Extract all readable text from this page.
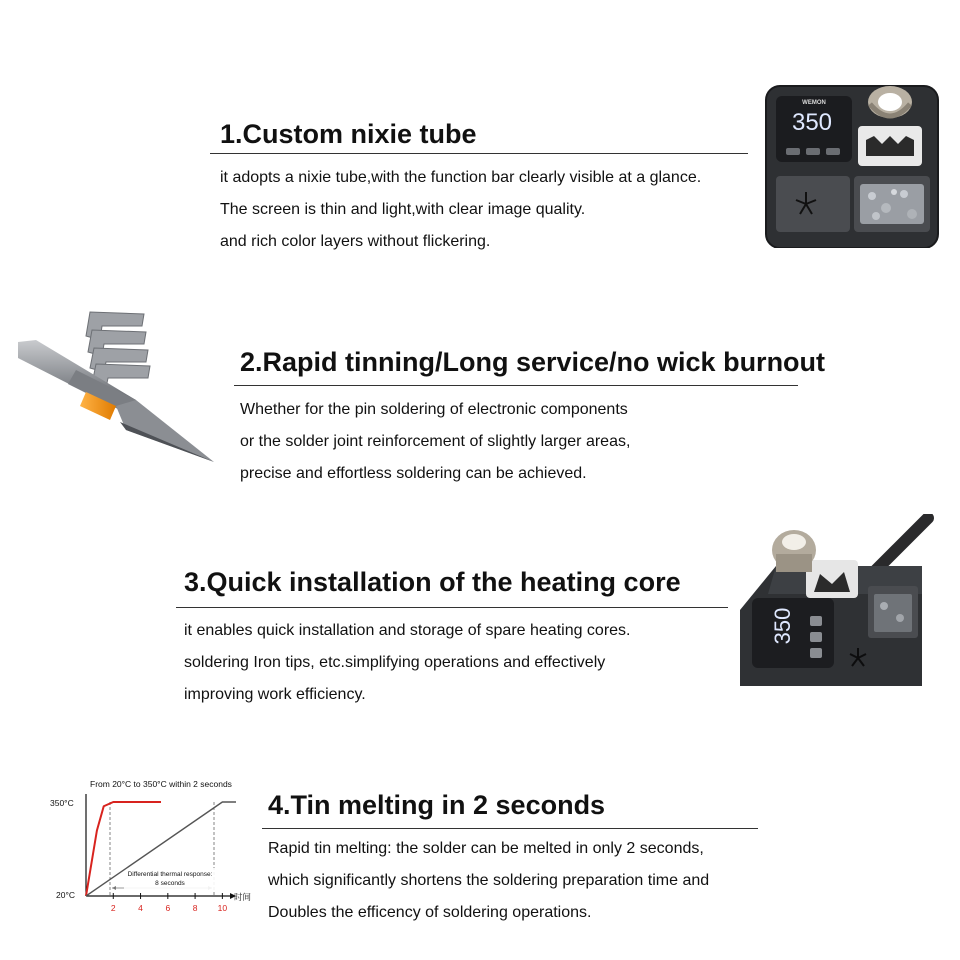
1.Custom nixie tube
it adopts a nixie tube,with the function bar clearly visible at a glance.
The screen is thin and light,with clear image quality.
and rich color layers without flickering.
WEMON
350
2.Rapid tinning/Long service/no wick burnout
Whether for the pin soldering of electronic components
or the solder joint reinforcement of slightly larger areas,
precise and effortless soldering can be achieved.
3.Quick installation of the heating core
it enables quick installation and storage of spare heating cores.
soldering Iron tips, etc.simplifying operations and effectively
improving work efficiency.
350
4.Tin melting in 2 seconds
Rapid tin melting: the solder can be melted in only 2 seconds,
which significantly shortens the soldering preparation time and
Doubles the efficency of soldering operations.
From 20°C to 350°C within 2 seconds
350°C
20°C	时间
2	4	6	8 10
Differential thermal response:
8 seconds
